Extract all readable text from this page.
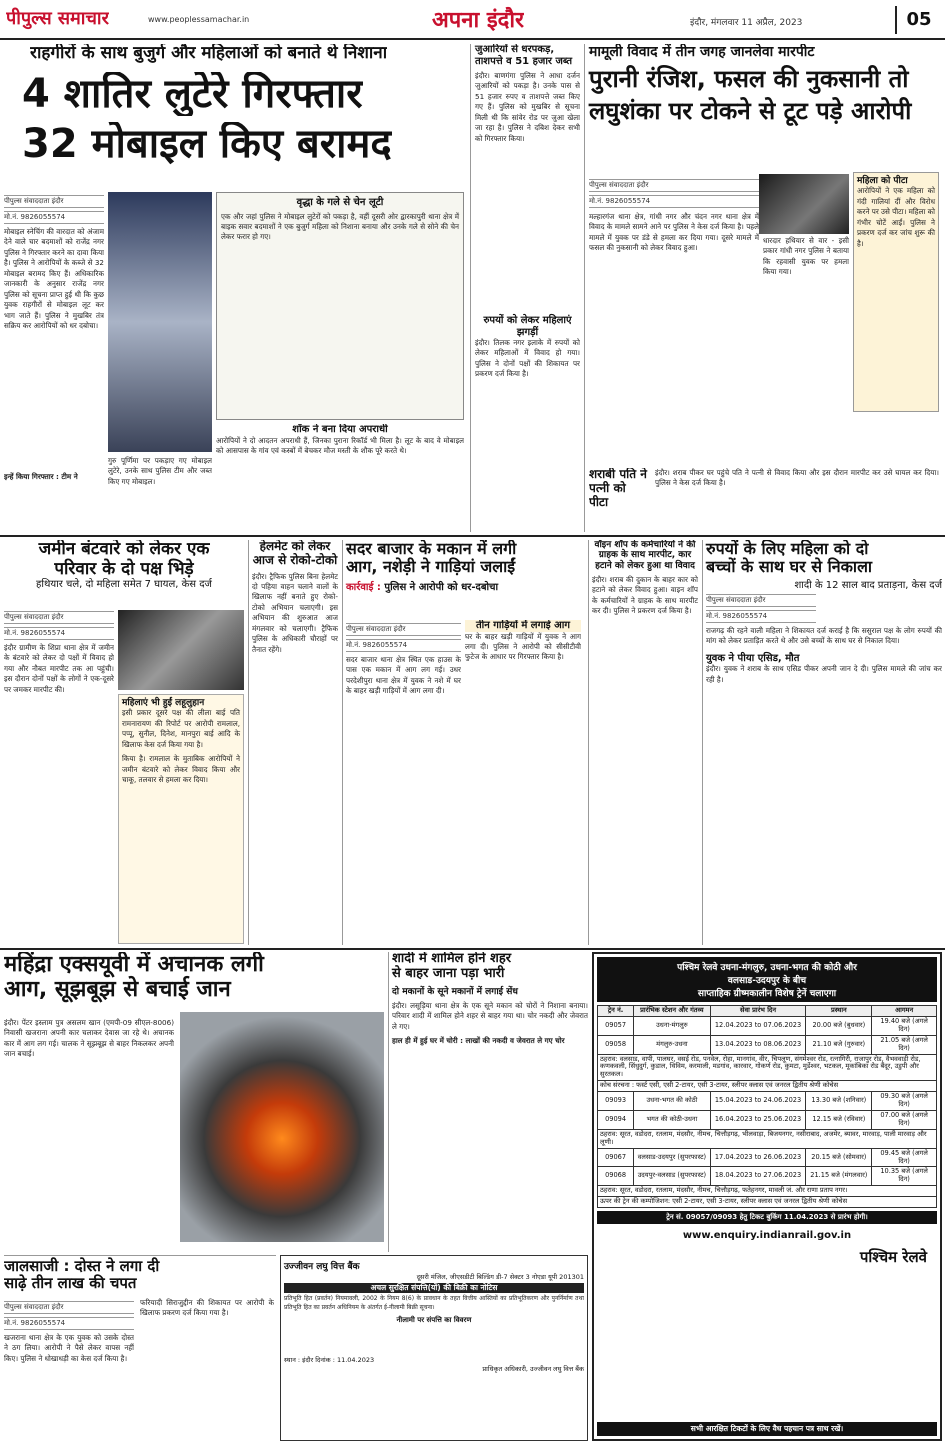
पीपुल्स समाचार	www.peoplessamachar.in	अपना इंदौर	इंदौर, मंगलवार 11 अप्रैल, 2023	05
राहगीरों के साथ बुजुर्ग और महिलाओं को बनाते थे निशाना
4 शातिर लुटेरे गिरफ्तार
32 मोबाइल किए बरामद
पीपुल्स संवाददाता इंदौर
मो.नं. 9826055574
मोबाइल स्नेचिंग की वारदात को अंजाम देने वाले चार बदमाशों को राजेंद्र नगर पुलिस ने गिरफ्तार करने का दावा किया है। पुलिस ने आरोपियों के कब्जे से 32 मोबाइल बरामद किए हैं। अधिकारिक जानकारी के अनुसार राजेंद्र नगर पुलिस को सूचना प्राप्त हुई थी कि कुछ युवक राहगीरों से मोबाइल लूट कर भाग जाते हैं। पुलिस ने मुखबिर तंत्र सक्रिय कर आरोपियों को धर दबोचा।
इन्हें किया गिरफ्तार : टीम ने
गुरु पूर्णिमा पर पकड़ाए गए मोबाइल लुटेरे, उनके साथ पुलिस टीम और जब्त किए गए मोबाइल।
वृद्धा के गले से चेन लूटी
एक और जहां पुलिस ने मोबाइल लुटेरों को पकड़ा है, वहीं दूसरी ओर द्वारकापुरी थाना क्षेत्र में बाइक सवार बदमाशों ने एक बुजुर्ग महिला को निशाना बनाया और उनके गले से सोने की चेन लेकर फरार हो गए।
शॉक ने बना दिया अपराधी
आरोपियों ने दो आदतन अपराधी हैं, जिनका पुराना रिकॉर्ड भी मिला है। लूट के बाद वे मोबाइल को आसपास के गांव एवं कस्बों में बेचकर मौज मस्ती के शौक पूरे करते थे।
जुआरियों से धरपकड़, ताशपत्ते व 51 हजार जब्त
इंदौर। बाणगंगा पुलिस ने आधा दर्जन जुआरियों को पकड़ा है। उनके पास से 51 हजार रुपए व ताशपत्ते जब्त किए गए हैं। पुलिस को मुखबिर से सूचना मिली थी कि सांवेर रोड पर जुआ खेला जा रहा है। पुलिस ने दबिश देकर सभी को गिरफ्तार किया।
रुपयों को लेकर महिलाएं झगड़ीं
इंदौर। तिलक नगर इलाके में रुपयों को लेकर महिलाओं में विवाद हो गया। पुलिस ने दोनों पक्षों की शिकायत पर प्रकरण दर्ज किया है।
मामूली विवाद में तीन जगह जानलेवा मारपीट
पुरानी रंजिश, फसल की नुकसानी तो
लघुशंका पर टोकने से टूट पड़े आरोपी
पीपुल्स संवाददाता इंदौर
मो.नं. 9826055574
महिला को पीटा
आरोपियों ने एक महिला को गंदी गालियां दीं और विरोध करने पर उसे पीटा। महिला को गंभीर चोटें आईं। पुलिस ने प्रकरण दर्ज कर जांच शुरू की है।
धारदार हथियार से वार - इसी प्रकार गांधी नगर पुलिस ने बताया कि रहवासी युवक पर हमला किया गया।
मल्हारगंज थाना क्षेत्र, गांधी नगर और चंदन नगर थाना क्षेत्र में विवाद के मामले सामने आने पर पुलिस ने केस दर्ज किया है। पहले मामले में युवक पर डंडे से हमला कर दिया गया। दूसरे मामले में फसल की नुकसानी को लेकर विवाद हुआ।
शराबी पति ने पत्नी को पीटा
इंदौर। शराब पीकर घर पहुंचे पति ने पत्नी से विवाद किया और इस दौरान मारपीट कर उसे घायल कर दिया। पुलिस ने केस दर्ज किया है।
जमीन बंटवारे को लेकर एक
परिवार के दो पक्ष भिड़े
हथियार चले, दो महिला समेत 7 घायल, केस दर्ज
पीपुल्स संवाददाता इंदौर
मो.नं. 9826055574
इंदौर ग्रामीण के शिप्रा थाना क्षेत्र में जमीन के बंटवारे को लेकर दो पक्षों में विवाद हो गया और नौबत मारपीट तक आ पहुंची। इस दौरान दोनों पक्षों के लोगों ने एक-दूसरे पर जमकर मारपीट की।
महिलाएं भी हुईं लहूलुहान
इसी प्रकार दूसरे पक्ष की लीला बाई पति रामनारायण की रिपोर्ट पर आरोपी रामलाल, पप्पू, सुनील, दिनेश, मानपुरा बाई आदि के खिलाफ केस दर्ज किया गया है।
किया है। रामलाल के मुताबिक आरोपियों ने जमीन बंटवारे को लेकर विवाद किया और चाकू, तलवार से हमला कर दिया।
हेलमेट को लेकर
आज से रोको-टोको
इंदौर। ट्रैफिक पुलिस बिना हेलमेट दो पहिया वाहन चलाने वालों के खिलाफ नहीं बनाते हुए रोको-टोको अभियान चलाएगी। इस अभियान की शुरुआत आज मंगलवार को चलाएगी। ट्रैफिक पुलिस के अधिकारी चौराहों पर तैनात रहेंगे।
सदर बाजार के मकान में लगी
आग, नशेड़ी ने गाड़ियां जलाईं
कार्रवाई : पुलिस ने आरोपी को धर-दबोचा
पीपुल्स संवाददाता इंदौर
मो.नं. 9826055574
सदर बाजार थाना क्षेत्र स्थित एक हाउस के पास एक मकान में आग लग गई। उधर परदेशीपुरा थाना क्षेत्र में युवक ने नशे में घर के बाहर खड़ी गाड़ियों में आग लगा दी।
तीन गाड़ियों में लगाई आग
घर के बाहर खड़ी गाड़ियों में युवक ने आग लगा दी। पुलिस ने आरोपी को सीसीटीवी फुटेज के आधार पर गिरफ्तार किया है।
वॉइन शॉप के कर्मचारियों ने की ग्राहक के साथ मारपीट, कार हटाने को लेकर हुआ था विवाद
इंदौर। शराब की दुकान के बाहर कार को हटाने को लेकर विवाद हुआ। वाइन शॉप के कर्मचारियों ने ग्राहक के साथ मारपीट कर दी। पुलिस ने प्रकरण दर्ज किया है।
रुपयों के लिए महिला को दो
बच्चों के साथ घर से निकाला
शादी के 12 साल बाद प्रताड़ना, केस दर्ज
पीपुल्स संवाददाता इंदौर
मो.नं. 9826055574
राजगढ़ की रहने वाली महिला ने शिकायत दर्ज कराई है कि ससुराल पक्ष के लोग रुपयों की मांग को लेकर प्रताड़ित करते थे और उसे बच्चों के साथ घर से निकाल दिया।
युवक ने पीया एसिड, मौत
इंदौर। युवक ने शराब के साथ एसिड पीकर अपनी जान दे दी। पुलिस मामले की जांच कर रही है।
महिंद्रा एक्सयूवी में अचानक लगी
आग, सूझबूझ से बचाई जान
इंदौर। पेंटर इस्लाम पुत्र असलम खान (एमपी-09 सीएल-8006) निवासी खजराना अपनी कार चलाकर देवास जा रहे थे। अचानक कार में आग लग गई। चालक ने सूझबूझ से बाहर निकलकर अपनी जान बचाई।
शादी में शामिल होने शहर
से बाहर जाना पड़ा भारी
दो मकानों के सूने मकानों में लगाई सेंध
इंदौर। लसूड़िया थाना क्षेत्र के एक सूने मकान को चोरों ने निशाना बनाया। परिवार शादी में शामिल होने शहर से बाहर गया था। चोर नकदी और जेवरात ले गए।
हाल ही में हुई घर में चोरी : लाखों की नकदी व जेवरात ले गए चोर
जालसाजी : दोस्त ने लगा दी
साढ़े तीन लाख की चपत
पीपुल्स संवाददाता इंदौर
मो.नं. 9826055574
खजराना थाना क्षेत्र के एक युवक को उसके दोस्त ने ठग लिया। आरोपी ने पैसे लेकर वापस नहीं किए। पुलिस ने धोखाधड़ी का केस दर्ज किया है।
फरियादी सिराजुद्दीन की शिकायत पर आरोपी के खिलाफ प्रकरण दर्ज किया गया है।
उज्जीवन लघु वित्त बैंक
दूसरी मंजिल, जीएसडीटी बिल्डिंग डी-7 सेक्टर 3 नोएडा यूपी 201301
अचल सुरक्षित संपत्ति(यों) की बिक्री का नोटिस
प्रतिभूति हित (प्रवर्तन) नियमावली, 2002 के नियम 8(6) के प्रावधान के तहत वित्तीय आस्तियों का प्रतिभूतिकरण और पुनर्निर्माण तथा प्रतिभूति हित का प्रवर्तन अधिनियम के अंतर्गत ई-नीलामी बिक्री सूचना।
नीलामी पर संपत्ति का विवरण
स्थान : इंदौर दिनांक : 11.04.2023
प्राधिकृत अधिकारी, उज्जीवन लघु वित्त बैंक
पश्चिम रेलवे उधना-मंगलुरु, उधना-भगत की कोठी और
वलसाड-उदयपुर के बीच
साप्ताहिक ग्रीष्मकालीन विशेष ट्रेनें चलाएगा
ट्रेन नं.	प्रारंभिक स्टेशन और गंतव्य	सेवा प्रारंभ दिन	प्रस्थान	आगमन
09057	उधना-मंगलुरु	12.04.2023 to 07.06.2023	20.00 बजे (बुधवार)	19.40 बजे (अगले दिन)
09058	मंगलुरु-उधना	13.04.2023 to 08.06.2023	21.10 बजे (गुरुवार)	21.05 बजे (अगले दिन)
ठहराव: वलसाड, वापी, पालघर, वसई रोड, पनवेल, रोहा, मानगांव, वीर, चिपलूण, संगमेश्वर रोड, रत्नागिरी, राजापुर रोड, वैभववाड़ी रोड, कणकवली, सिंधुदुर्ग, कुडाल, थिविम, करमाली, मडगांव, कारवार, गोकर्ण रोड, कुमटा, मुर्डेश्वर, भटकल, मूकांबिका रोड बैंदूर, उडुपी और सुरतकल।				
कोच संरचना : फर्स्ट एसी, एसी 2-टायर, एसी 3-टायर, स्लीपर क्लास एवं जनरल द्वितीय श्रेणी कोचेस				
09093	उधना-भगत की कोठी	15.04.2023 to 24.06.2023	13.30 बजे (शनिवार)	09.30 बजे (अगले दिन)
09094	भगत की कोठी-उधना	16.04.2023 to 25.06.2023	12.15 बजे (रविवार)	07.00 बजे (अगले दिन)
ठहराव: सूरत, वडोदरा, रतलाम, मंदसौर, नीमच, चित्तौड़गढ़, भीलवाड़ा, बिजयनगर, नसीराबाद, अजमेर, ब्यावर, मारवाड़, पाली मारवाड़ और लूणी।				
09067	वलसाड-उदयपुर (सुपरफास्ट)	17.04.2023 to 26.06.2023	20.15 बजे (सोमवार)	09.45 बजे (अगले दिन)
09068	उदयपुर-वलसाड (सुपरफास्ट)	18.04.2023 to 27.06.2023	21.15 बजे (मंगलवार)	10.35 बजे (अगले दिन)
ठहराव: सूरत, वडोदरा, रतलाम, मंदसौर, नीमच, चित्तौड़गढ़, फतेहनगर, मावली जं. और राणा प्रताप नगर।				
ऊपर की ट्रेन की कम्पोजिशन: एसी 2-टायर, एसी 3-टायर, स्लीपर क्लास एवं जनरल द्वितीय श्रेणी कोचेस				
ट्रेन सं. 09057/09093 हेतु टिकट बुकिंग 11.04.2023 से प्रारंभ होगी।
www.enquiry.indianrail.gov.in
पश्चिम रेलवे
सभी आरक्षित टिकटों के लिए वैध पहचान पत्र साथ रखें।
